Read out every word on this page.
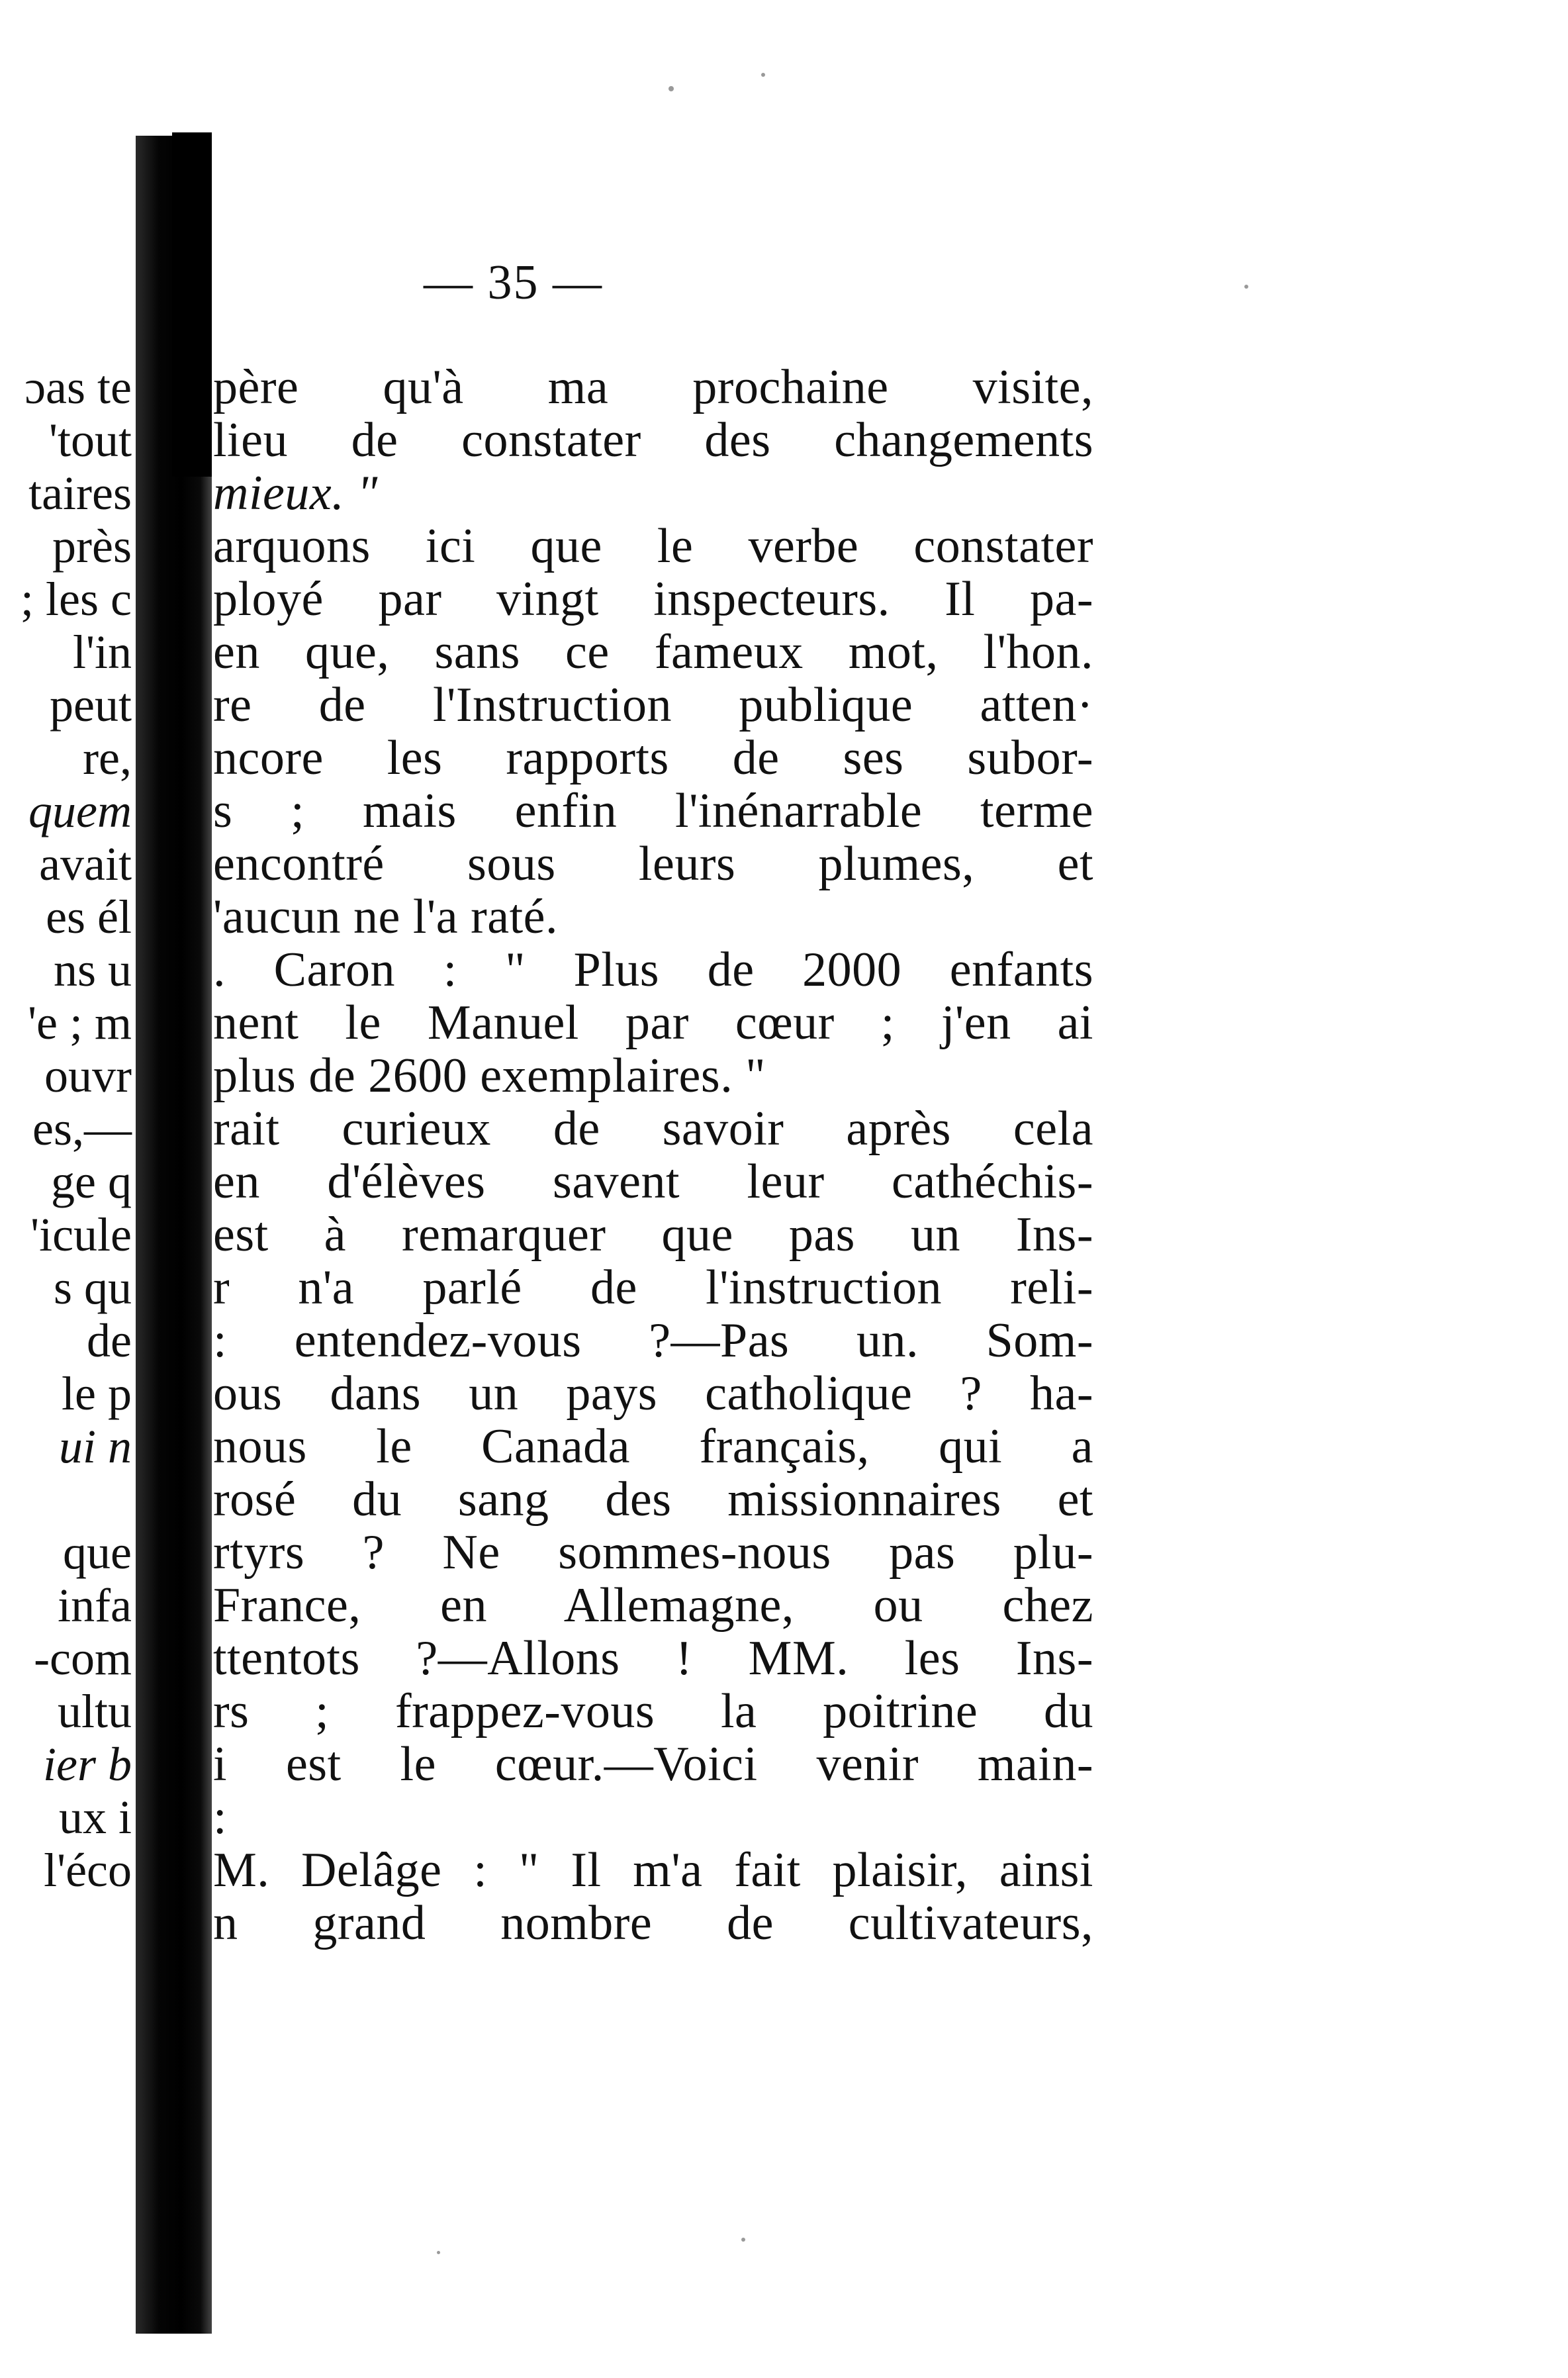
ɔas te
'tout
taires
près
; les c
l'in
peut
re,
quem
avait
es él
ns u
'e ; m
ouvr
es,—
ge q
'icule
s qu
de
le p
ui n
que
infa
-com
ultu
ier b
ux i
l'éco
— 35 —
père qu'à ma prochaine visite,
lieu de constater des changements
mieux. "
arquons ici que le verbe constater
ployé par vingt inspecteurs. Il pa-
en que, sans ce fameux mot, l'hon.
re de l'Instruction publique atten·
ncore les rapports de ses subor-
s ; mais enfin l'inénarrable terme
encontré sous leurs plumes, et
'aucun ne l'a raté.
. Caron : " Plus de 2000 enfants
nent le Manuel par cœur ; j'en ai
plus de 2600 exemplaires. "
rait curieux de savoir après cela
en d'élèves savent leur cathéchis-
est à remarquer que pas un Ins-
r n'a parlé de l'instruction reli-
: entendez-vous ?—Pas un. Som-
ous dans un pays catholique ? ha-
nous le Canada français, qui a
rosé du sang des missionnaires et
rtyrs ? Ne sommes-nous pas plu-
France, en Allemagne, ou chez
ttentots ?—Allons ! MM. les Ins-
rs ; frappez-vous la poitrine du
i est le cœur.—Voici venir main-
:
M. Delâge : " Il m'a fait plaisir, ainsi
n grand nombre de cultivateurs,
